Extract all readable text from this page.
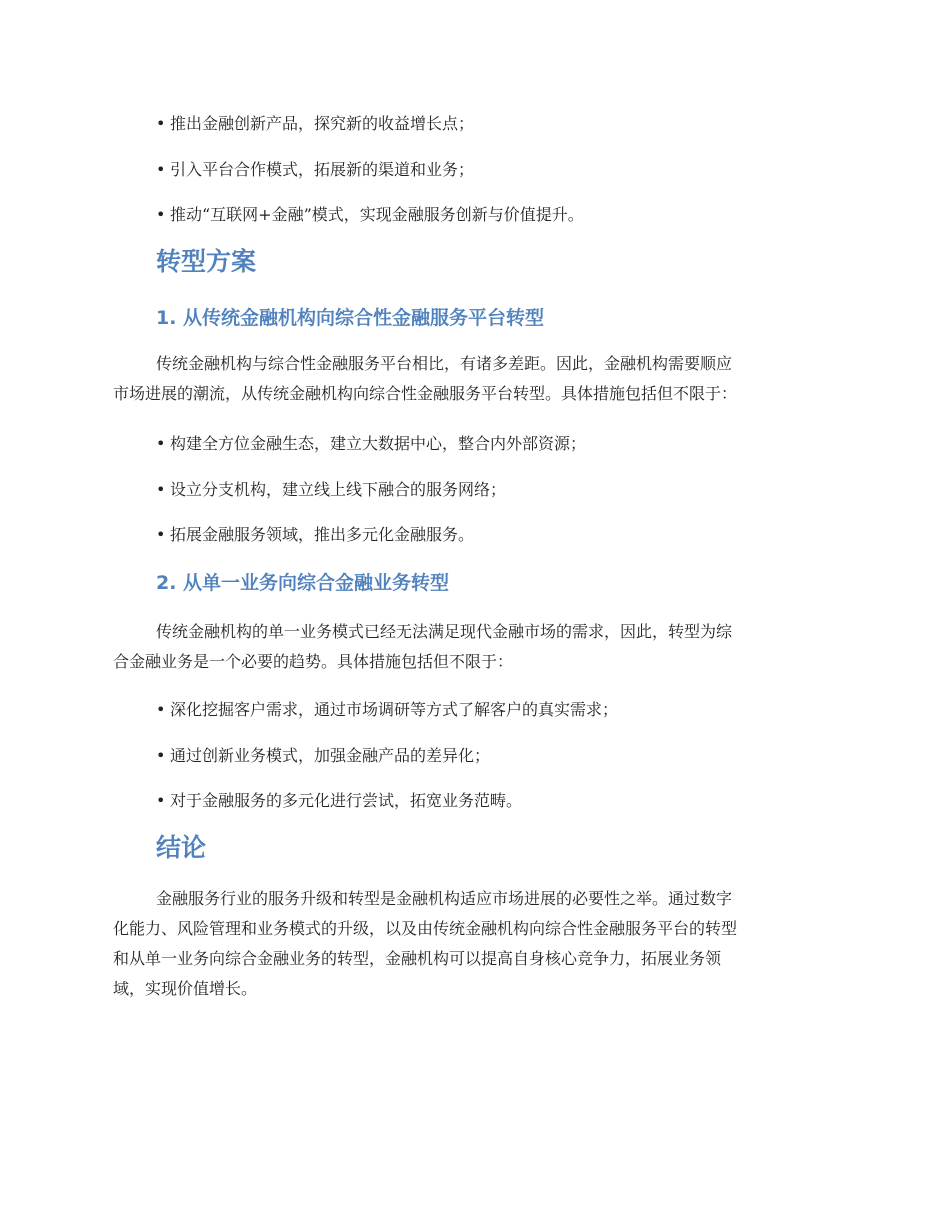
• 推出金融创新产品，探究新的收益增长点；

• 引入平台合作模式，拓展新的渠道和业务；

• 推动“互联网+金融”模式，实现金融服务创新与价值提升。

转型方案
1. 从传统金融机构向综合性金融服务平台转型
传统金融机构与综合性金融服务平台相比，有诸多差距。因此，金融机构需要顺应
市场进展的潮流，从传统金融机构向综合性金融服务平台转型。具体措施包括但不限于：

• 构建全方位金融生态，建立大数据中心，整合内外部资源；

• 设立分支机构，建立线上线下融合的服务网络；

• 拓展金融服务领域，推出多元化金融服务。

2. 从单一业务向综合金融业务转型
传统金融机构的单一业务模式已经无法满足现代金融市场的需求，因此，转型为综
合金融业务是一个必要的趋势。具体措施包括但不限于：

• 深化挖掘客户需求，通过市场调研等方式了解客户的真实需求；

• 通过创新业务模式，加强金融产品的差异化；

• 对于金融服务的多元化进行尝试，拓宽业务范畴。

结论
金融服务行业的服务升级和转型是金融机构适应市场进展的必要性之举。通过数字
化能力、风险管理和业务模式的升级，以及由传统金融机构向综合性金融服务平台的转型
和从单一业务向综合金融业务的转型，金融机构可以提高自身核心竞争力，拓展业务领
域，实现价值增长。
